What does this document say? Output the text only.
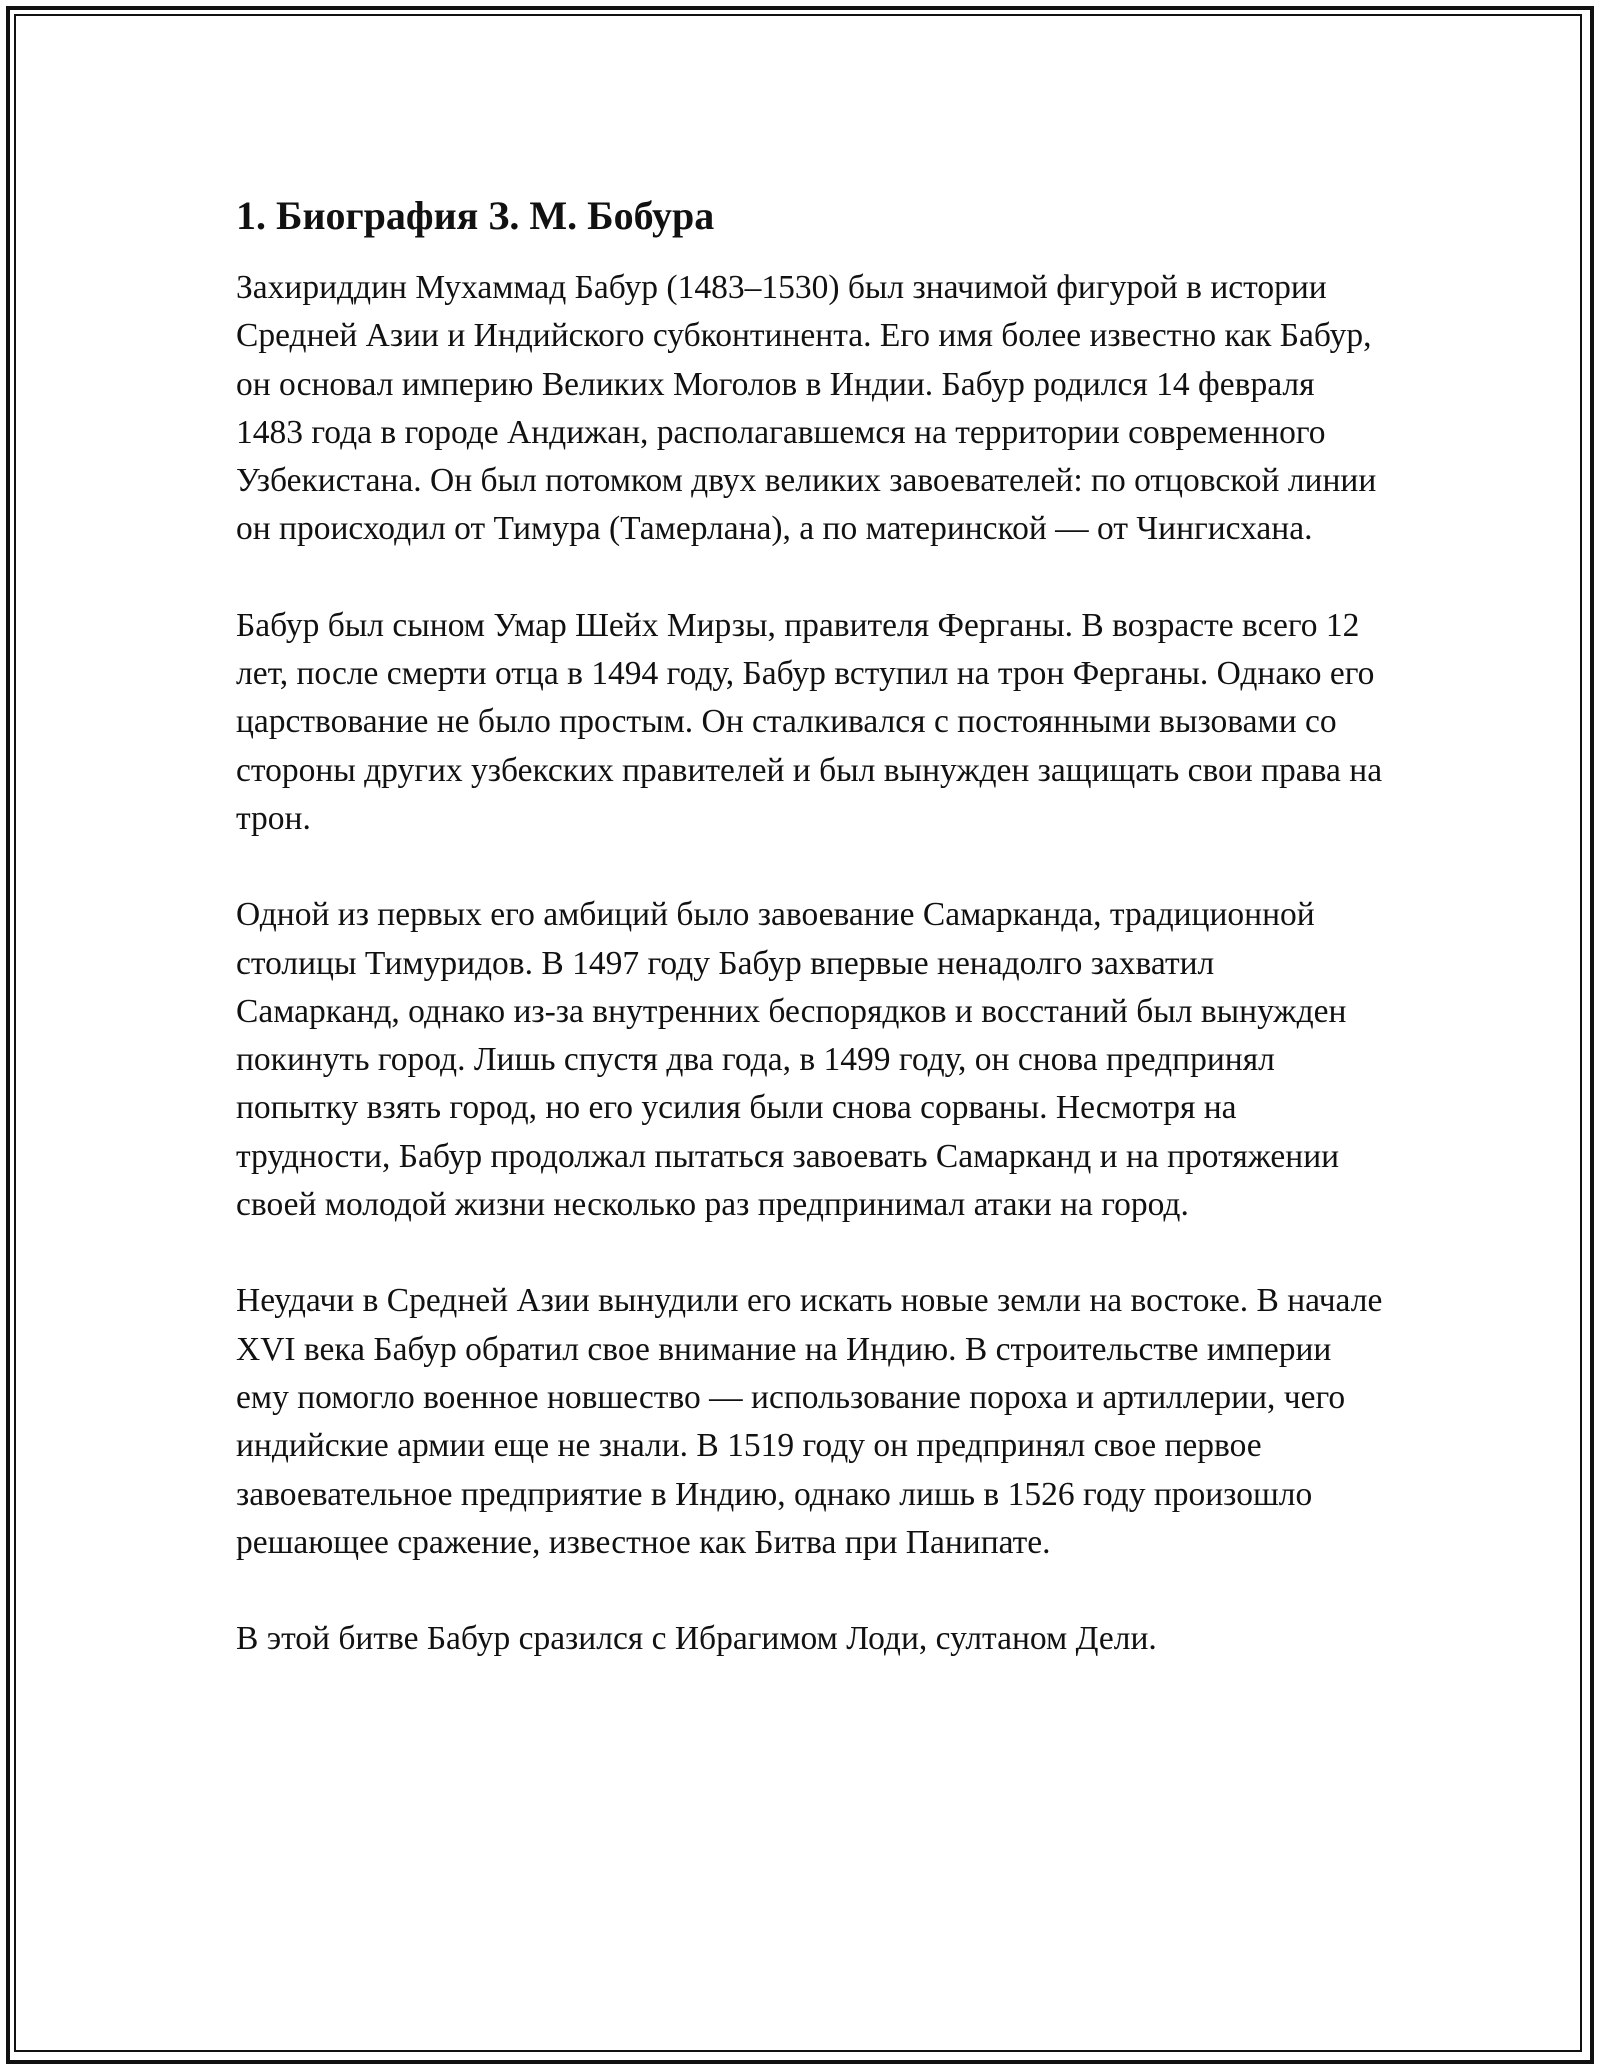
1. Биография З. М. Бобура

Захириддин Мухаммад Бабур (1483–1530) был значимой фигурой в истории Средней Азии и Индийского субконтинента. Его имя более известно как Бабур, он основал империю Великих Моголов в Индии. Бабур родился 14 февраля 1483 года в городе Андижан, располагавшемся на территории современного Узбекистана. Он был потомком двух великих завоевателей: по отцовской линии он происходил от Тимура (Тамерлана), а по материнской — от Чингисхана.

Бабур был сыном Умар Шейх Мирзы, правителя Ферганы. В возрасте всего 12 лет, после смерти отца в 1494 году, Бабур вступил на трон Ферганы. Однако его царствование не было простым. Он сталкивался с постоянными вызовами со стороны других узбекских правителей и был вынужден защищать свои права на трон.

Одной из первых его амбиций было завоевание Самарканда, традиционной столицы Тимуридов. В 1497 году Бабур впервые ненадолго захватил Самарканд, однако из-за внутренних беспорядков и восстаний был вынужден покинуть город. Лишь спустя два года, в 1499 году, он снова предпринял попытку взять город, но его усилия были снова сорваны. Несмотря на трудности, Бабур продолжал пытаться завоевать Самарканд и на протяжении своей молодой жизни несколько раз предпринимал атаки на город.

Неудачи в Средней Азии вынудили его искать новые земли на востоке. В начале XVI века Бабур обратил свое внимание на Индию. В строительстве империи ему помогло военное новшество — использование пороха и артиллерии, чего индийские армии еще не знали. В 1519 году он предпринял свое первое завоевательное предприятие в Индию, однако лишь в 1526 году произошло решающее сражение, известное как Битва при Панипате.

В этой битве Бабур сразился с Ибрагимом Лоди, султаном Дели.
